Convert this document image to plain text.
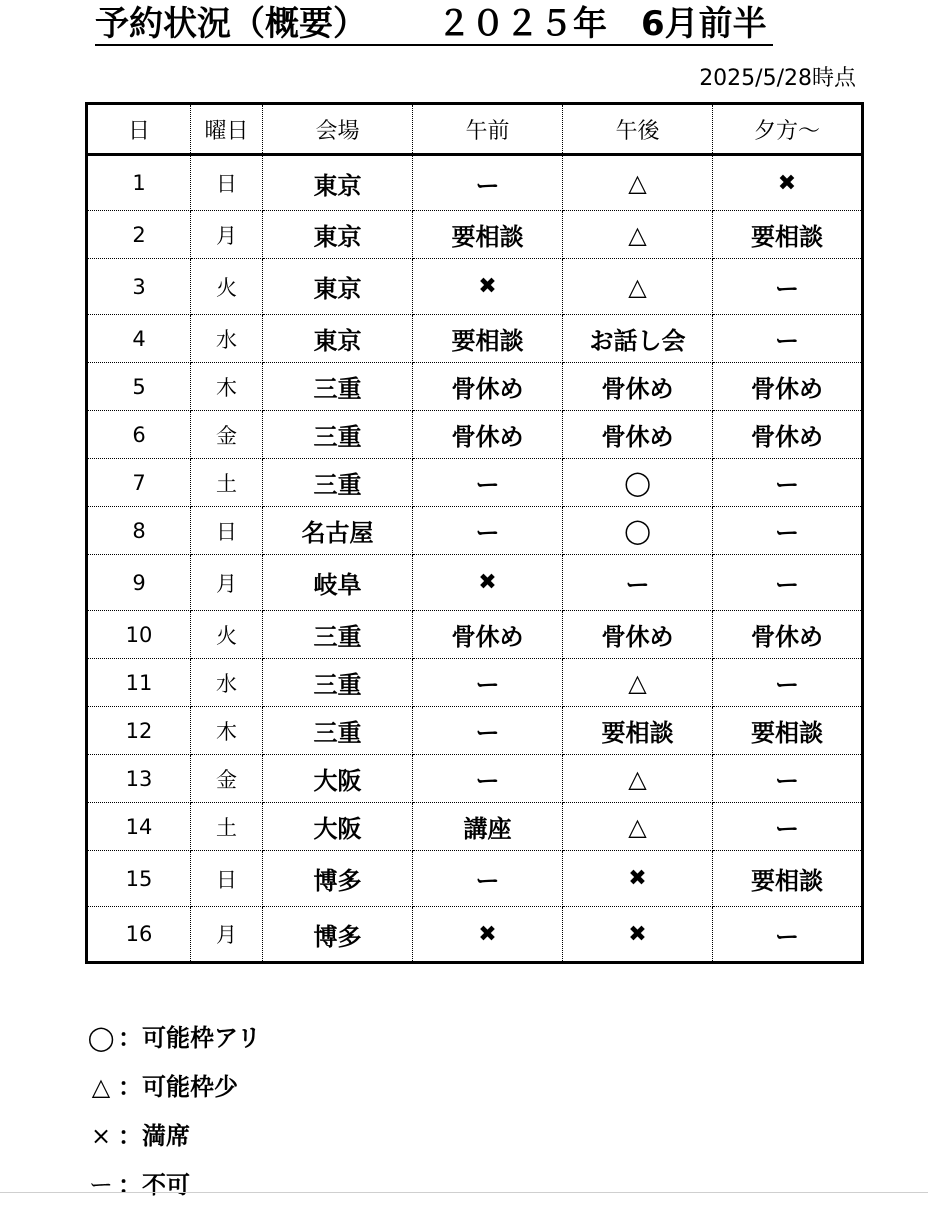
予約状況（概要） ２０２５年　6月前半
2025/5/28時点
日	曜日	会場	午前	午後	夕方～
1	日	東京	ー	△	✖
2	月	東京	要相談	△	要相談
3	火	東京	✖	△	ー
4	水	東京	要相談	お話し会	ー
5	木	三重	骨休め	骨休め	骨休め
6	金	三重	骨休め	骨休め	骨休め
7	土	三重	ー	◯	ー
8	日	名古屋	ー	◯	ー
9	月	岐阜	✖	ー	ー
10	火	三重	骨休め	骨休め	骨休め
11	水	三重	ー	△	ー
12	木	三重	ー	要相談	要相談
13	金	大阪	ー	△	ー
14	土	大阪	講座	△	ー
15	日	博多	ー	✖	要相談
16	月	博多	✖	✖	ー
◯ ：可能枠アリ
△ ：可能枠少
× ：満席
ー ：不可
